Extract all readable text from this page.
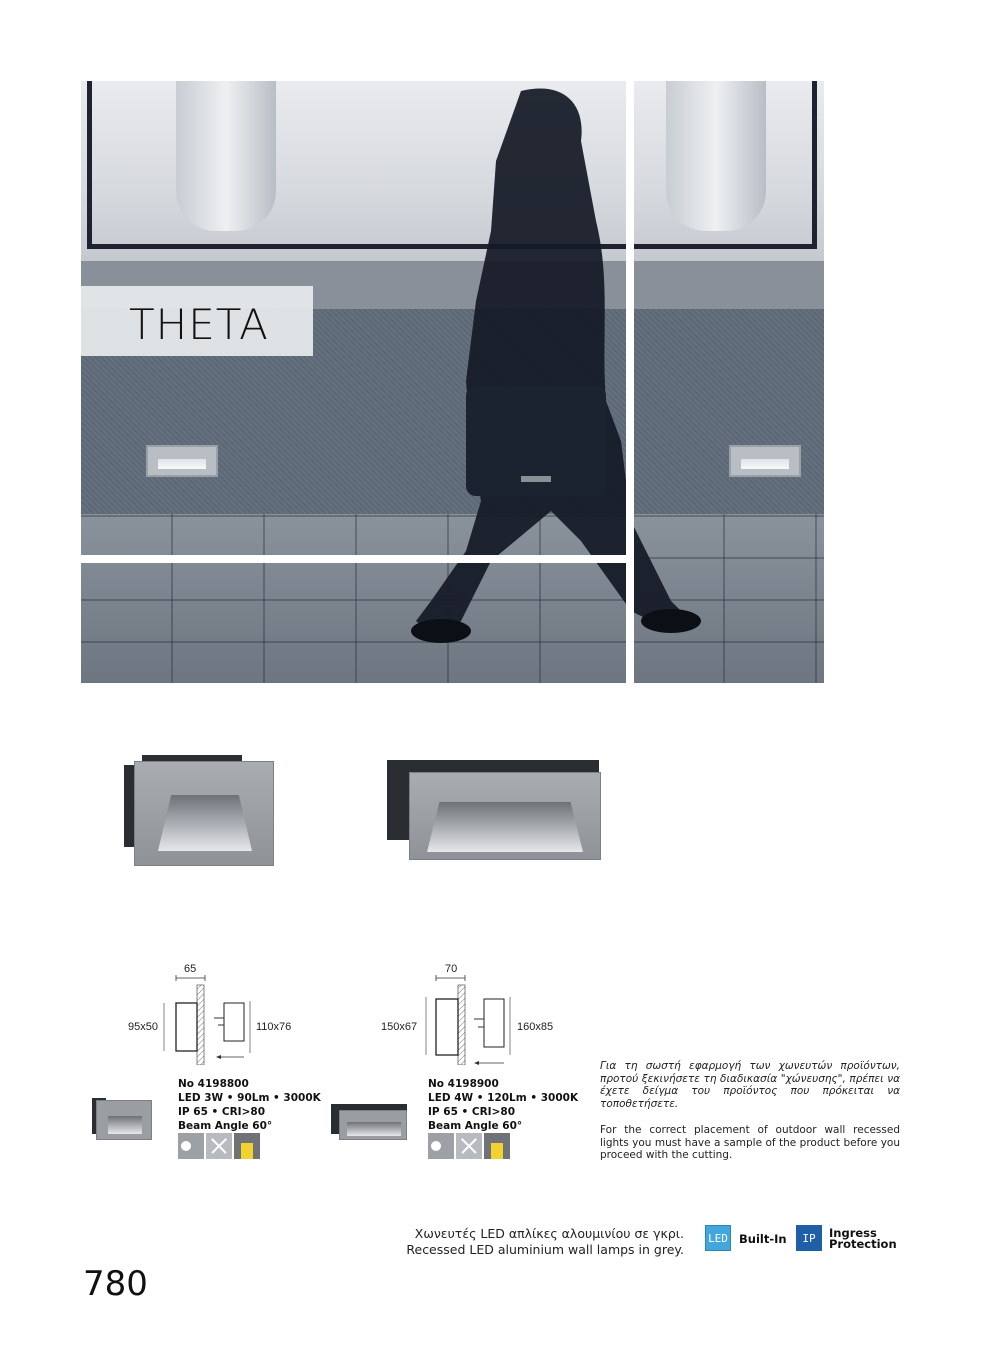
THETA
65
95x50	110x76
70
150x67	160x85
No 4198800
LED 3W • 90Lm • 3000K
IP 65 • CRI>80
Beam Angle 60°
No 4198900
LED 4W • 120Lm • 3000K
IP 65 • CRI>80
Beam Angle 60°
Για τη σωστή εφαρμογή των χωνευτών προϊόντων, προτού ξεκινήσετε τη διαδικασία "χώνευσης", πρέπει να έχετε δείγμα του προϊόντος που πρόκειται να τοποθετήσετε.
For the correct placement of outdoor wall recessed lights you must have a sample of the product before you proceed with the cutting.
Χωνευτές LED απλίκες αλουμινίου σε γκρι.
Recessed LED aluminium wall lamps in grey.
LED Built-In	IP	Ingress
Protection
780
